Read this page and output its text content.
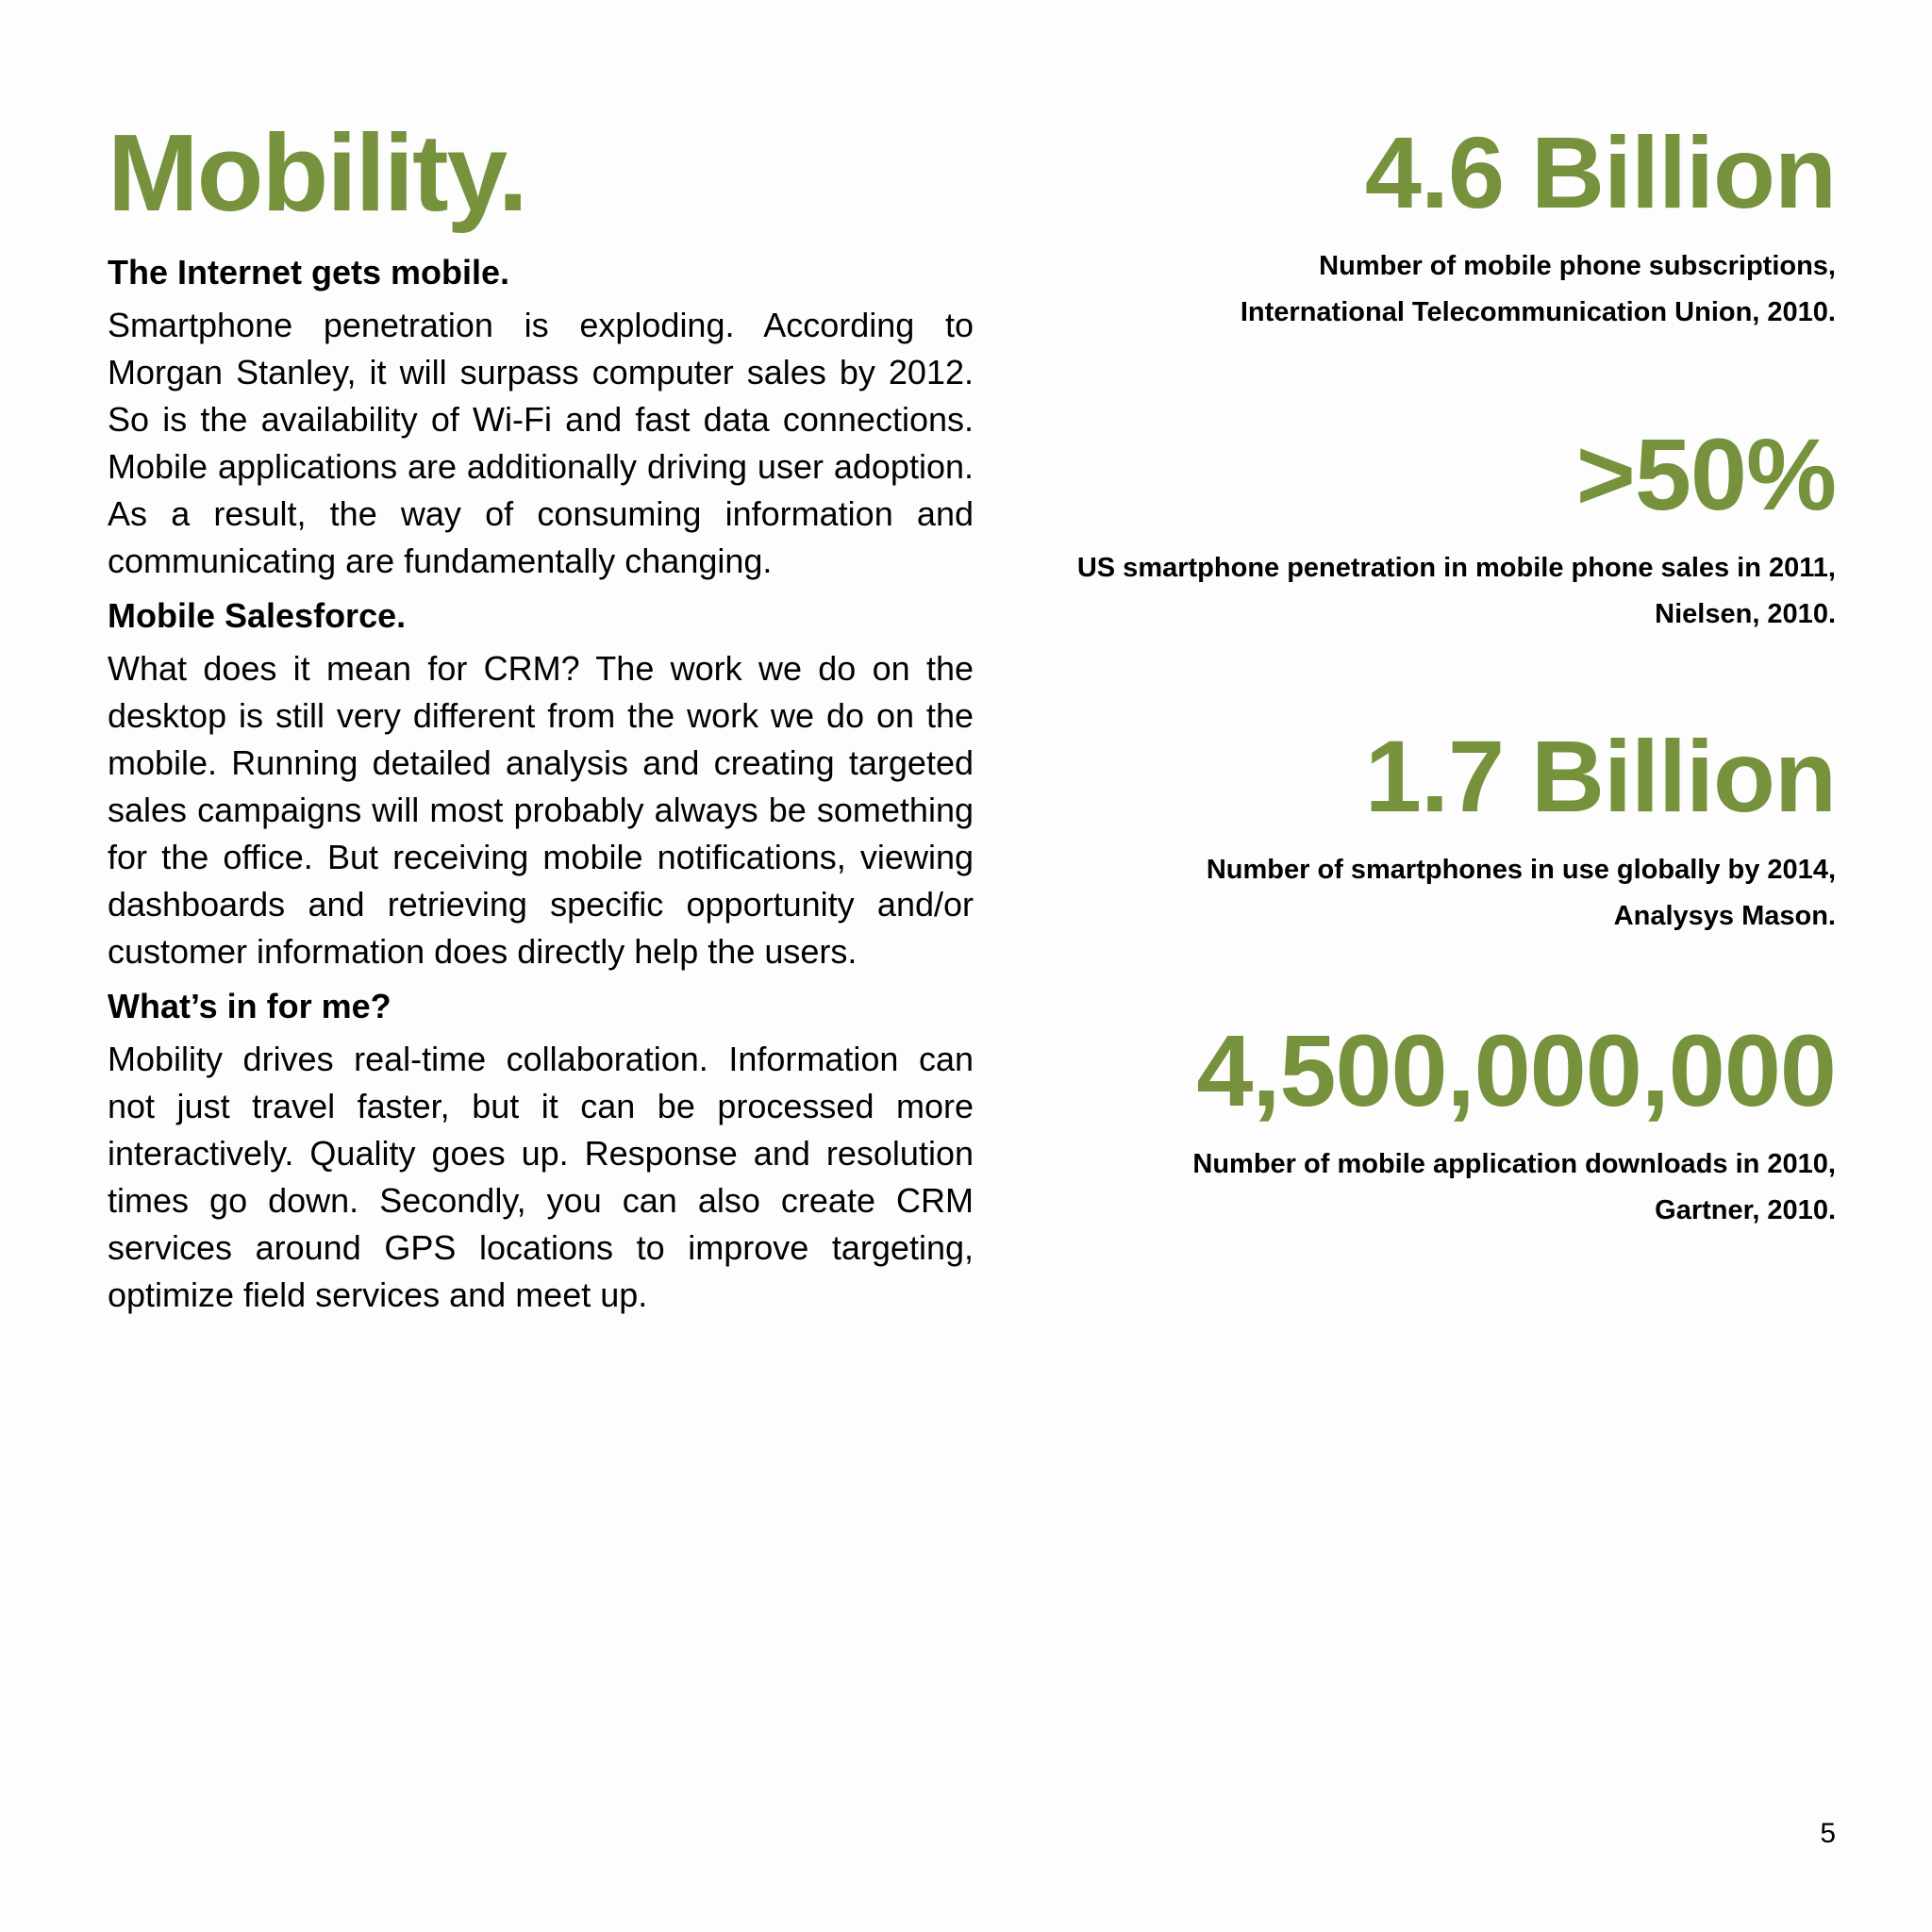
Mobility.
The Internet gets mobile.

Smartphone penetration is exploding. According to Morgan Stanley, it will surpass computer sales by 2012. So is the availability of Wi-Fi and fast data connections. Mobile applications are additionally driving user adoption. As a result, the way of consuming information and communicating are fundamentally changing.

Mobile Salesforce.

What does it mean for CRM? The work we do on the desktop is still very different from the work we do on the mobile. Running detailed analysis and creating targeted sales campaigns will most probably always be something for the office. But receiving mobile notifications, viewing dashboards and retrieving specific opportunity and/or customer information does directly help the users.

What’s in for me?

Mobility drives real-time collaboration. Information can not just travel faster, but it can be processed more interactively. Quality goes up. Response and resolution times go down. Secondly, you can also create CRM services around GPS locations to improve targeting, optimize field services and meet up.

4.6 Billion
Number of mobile phone subscriptions,
International Telecommunication Union, 2010.
>50%
US smartphone penetration in mobile phone sales in 2011,
Nielsen, 2010.
1.7 Billion
Number of smartphones in use globally by 2014,
Analysys Mason.
4,500,000,000
Number of mobile application downloads in 2010,
Gartner, 2010.
5
